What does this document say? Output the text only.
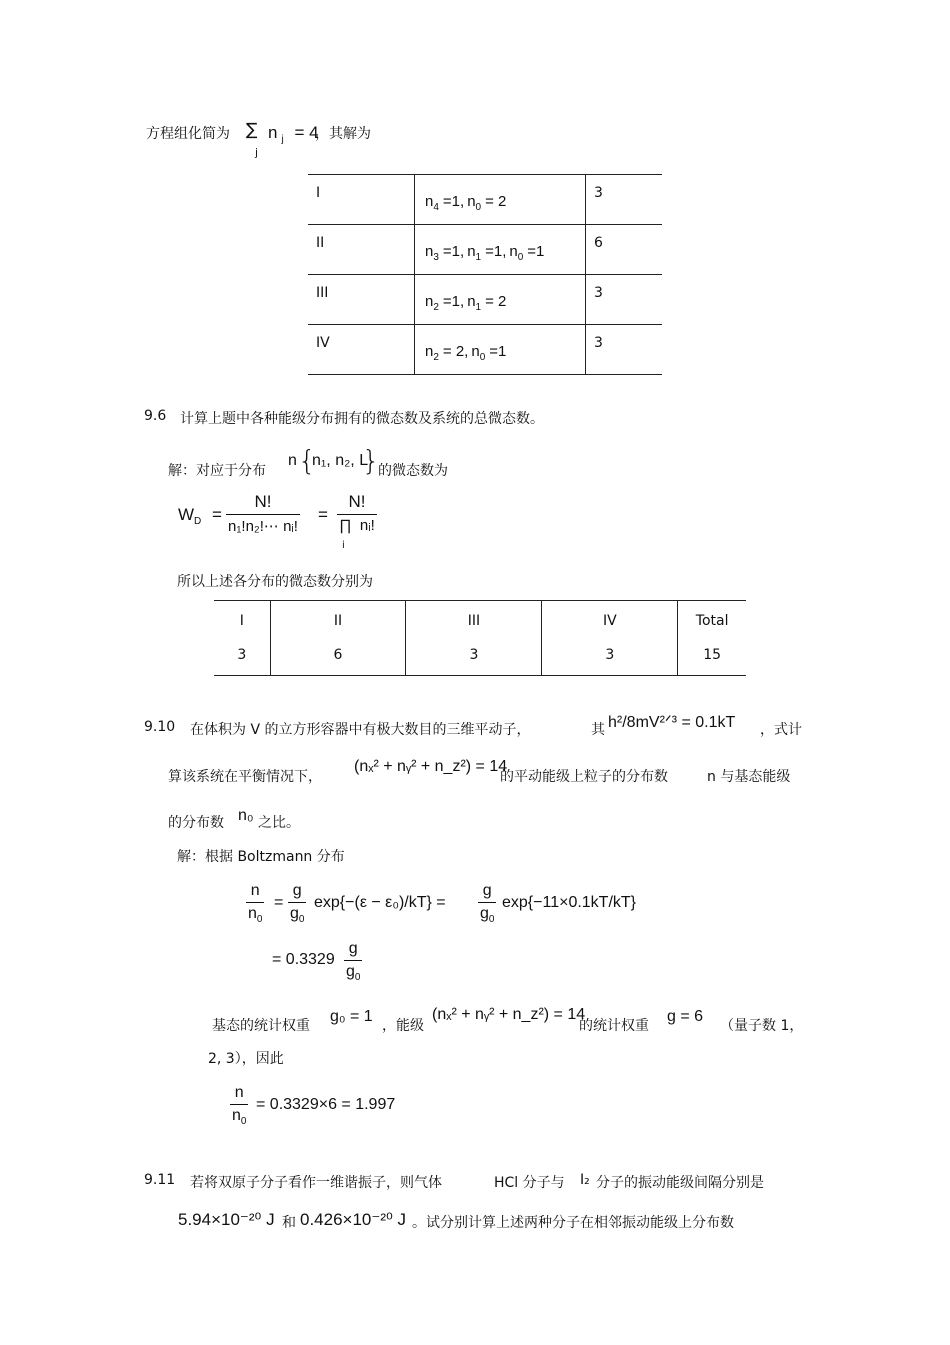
方程组化简为 ∑
j
n $_j$ = 4
，其解为
I	$n_4 =1$, $n_0 = 2$	3
II	$n_3 =1$, $n_1 =1$, $n_0 =1$	6
III	$n_2 =1$, $n_1 = 2$	3
IV	$n_2 = 2$, $n_0 =1$	3
9.6 计算上题中各种能级分布拥有的微态数及系统的总微态数。
解：对应于分布
n {
n₁, n₂, L
}
的微态数为
$W_D = \frac{N!}{\text{n₁!n₂!⋯ nᵢ!}} = \frac{N!}{\text{∏ nᵢ!}}$
i
所以上述各分布的微态数分别为
I	II	III	IV	Total
3	6	3	3	15
9.10 在体积为 V 的立方形容器中有极大数目的三维平动子，	其 h²/8mV²ᐟ³ = 0.1kT ，式计
算该系统在平衡情况下，
(nₓ² + nᵧ² + n_z²) = 14
的平动能级上粒子的分布数	n 与基态能级
的分布数 n₀ 之比。
解：根据 Boltzmann 分布
$\frac{n}{n_0} = \frac{g}{g_0} \exp\{-(\varepsilon - \varepsilon_0)/kT\} = \frac{g}{g_0} \exp\{-11\times 0.1kT/kT\}$
= $0.3329 \frac{g}{g_0}$
基态的统计权重
g₀ = 1
，能级
(nₓ² + nᵧ² + n_z²) = 14
的统计权重
g = 6
（量子数 1，
2, 3），因此
$\frac{n}{n_0} = 0.3329\times 6 = 1.997$
9.11 若将双原子分子看作一维谐振子，则气体	HCl 分子与 I₂ 分子的振动能级间隔分别是
5.94×10⁻²⁰ J 和 0.426×10⁻²⁰ J 。试分别计算上述两种分子在相邻振动能级上分布数
